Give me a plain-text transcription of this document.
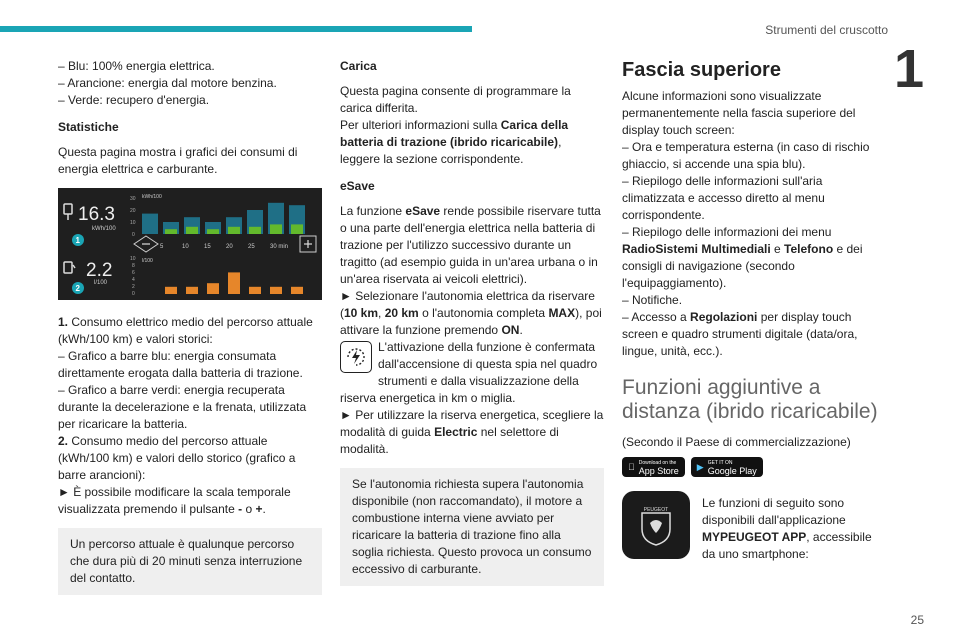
Strumenti del cruscotto
1
25

– Blu: 100% energia elettrica.

– Arancione: energia dal motore benzina.

– Verde: recupero d'energia.

Statistiche

Questa pagina mostra i grafici dei consumi di energia elettrica e carburante.

16.3
kWh/100
1
2.2
l/100
2
kWh/100
30
20
10
0
5	10	15	20	25	30 min
l/100
10
8
6
4
2
0

1. Consumo elettrico medio del percorso attuale (kWh/100 km) e valori storici:

– Grafico a barre blu: energia consumata direttamente erogata dalla batteria di trazione.

– Grafico a barre verdi: energia recuperata durante la decelerazione e la frenata, utilizzata per ricaricare la batteria.

2. Consumo medio del percorso attuale (kWh/100 km) e valori dello storico (grafico a barre arancioni):

► È possibile modificare la scala temporale visualizzata premendo il pulsante - o +.

Un percorso attuale è qualunque percorso che dura più di 20 minuti senza interruzione del contatto.
Carica

Questa pagina consente di programmare la carica differita.

Per ulteriori informazioni sulla Carica della batteria di trazione (ibrido ricaricabile), leggere la sezione corrispondente.

eSave

La funzione eSave rende possibile riservare tutta o una parte dell'energia elettrica nella batteria di trazione per l'utilizzo successivo durante un tragitto (ad esempio guida in un'area urbana o in un'area riservata ai veicoli elettrici).

► Selezionare l'autonomia elettrica da riservare (10 km, 20 km o l'autonomia completa MAX), poi attivare la funzione premendo ON.

L'attivazione della funzione è confermata dall'accensione di questa spia nel quadro strumenti e dalla visualizzazione della riserva energetica in km o miglia.

► Per utilizzare la riserva energetica, scegliere la modalità di guida Electric nel selettore di modalità.

Se l'autonomia richiesta supera l'autonomia disponibile (non raccomandato), il motore a combustione interna viene avviato per ricaricare la batteria di trazione fino alla soglia richiesta. Questo provoca un consumo eccessivo di carburante.
Fascia superiore

Alcune informazioni sono visualizzate permanentemente nella fascia superiore del display touch screen:

– Ora e temperatura esterna (in caso di rischio ghiaccio, si accende una spia blu).

– Riepilogo delle informazioni sull'aria climatizzata e accesso diretto al menu corrispondente.

– Riepilogo delle informazioni dei menu RadioSistemi Multimediali e Telefono e dei consigli di navigazione (secondo l'equipaggiamento).

– Notifiche.

– Accesso a Regolazioni per display touch screen e quadro strumenti digitale (data/ora, lingue, unità, ecc.).

Funzioni aggiuntive a distanza (ibrido ricaricabile)

(Secondo il Paese di commercializzazione)

Download on the
App Store ▶ GET IT ON
Google Play
PEUGEOT	Le funzioni di seguito sono disponibili dall'applicazione MYPEUGEOT APP, accessibile da uno smartphone:
